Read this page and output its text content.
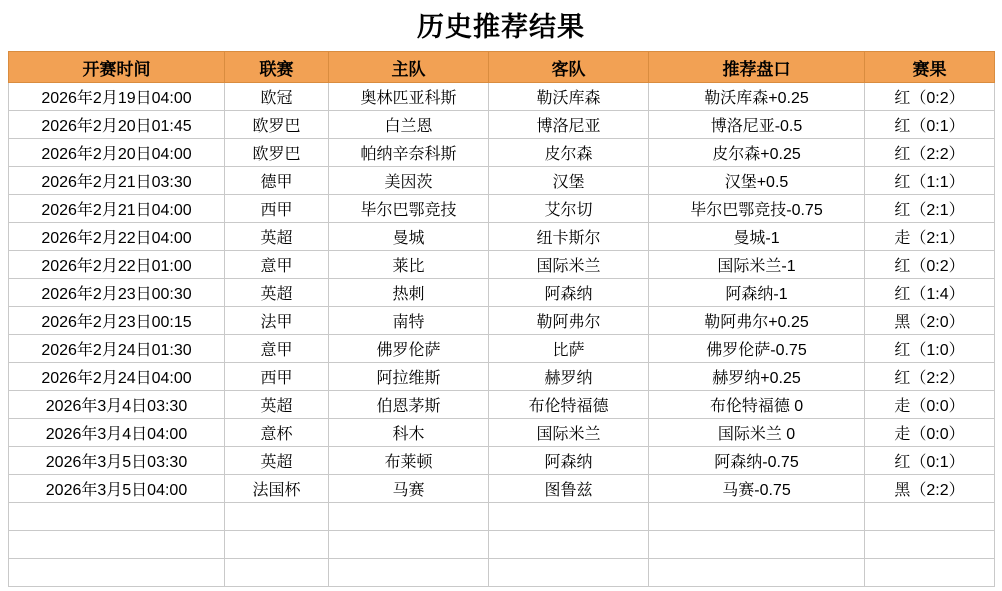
历史推荐结果
开赛时间	联赛	主队	客队	推荐盘口	赛果
2026年2月19日04:00	欧冠	奥林匹亚科斯	勒沃库森	勒沃库森+0.25	红（0:2）
2026年2月20日01:45	欧罗巴	白兰恩	博洛尼亚	博洛尼亚-0.5	红（0:1）
2026年2月20日04:00	欧罗巴	帕纳辛奈科斯	皮尔森	皮尔森+0.25	红（2:2）
2026年2月21日03:30	德甲	美因茨	汉堡	汉堡+0.5	红（1:1）
2026年2月21日04:00	西甲	毕尔巴鄂竞技	艾尔切	毕尔巴鄂竞技-0.75	红（2:1）
2026年2月22日04:00	英超	曼城	纽卡斯尔	曼城-1	走（2:1）
2026年2月22日01:00	意甲	莱比	国际米兰	国际米兰-1	红（0:2）
2026年2月23日00:30	英超	热刺	阿森纳	阿森纳-1	红（1:4）
2026年2月23日00:15	法甲	南特	勒阿弗尔	勒阿弗尔+0.25	黑（2:0）
2026年2月24日01:30	意甲	佛罗伦萨	比萨	佛罗伦萨-0.75	红（1:0）
2026年2月24日04:00	西甲	阿拉维斯	赫罗纳	赫罗纳+0.25	红（2:2）
2026年3月4日03:30	英超	伯恩茅斯	布伦特福德	布伦特福德 0	走（0:0）
2026年3月4日04:00	意杯	科木	国际米兰	国际米兰 0	走（0:0）
2026年3月5日03:30	英超	布莱顿	阿森纳	阿森纳-0.75	红（0:1）
2026年3月5日04:00	法国杯	马赛	图鲁兹	马赛-0.75	黑（2:2）
